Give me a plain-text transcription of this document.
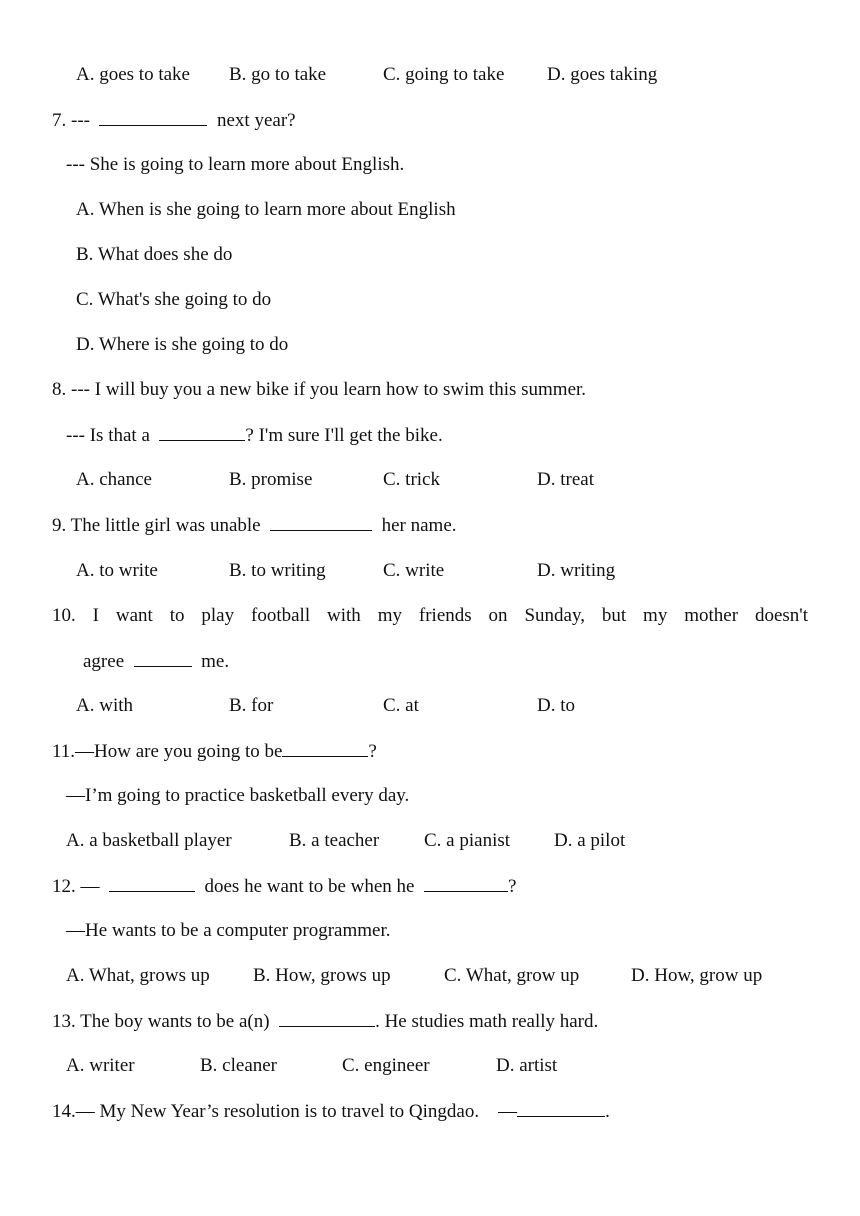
A. goes to take B. go to take	C. going to take D. goes taking
7. ---	next year?
--- She is going to learn more about English.
A. When is she going to learn more about English
B. What does she do
C. What's she going to do
D. Where is she going to do
8. --- I will buy you a new bike if you learn how to swim this summer.
--- Is that a	? I'm sure I'll get the bike.
A. chance	B. promise	C. trick	D. treat
9. The little girl was unable	her name.
A. to write	B. to writing	C. write	D. writing
10. I want to play football with my friends on Sunday, but my mother doesn't
agree	me.
A. with	B. for	C. at	D. to
11.—How are you going to be	?
—I’m going to practice basketball every day.
A. a basketball player	B. a teacher C. a pianist D. a pilot
12. —	does he want to be when he	?
—He wants to be a computer programmer.
A. What, grows up B. How, grows up	C. What, grow up	D. How, grow up
13. The boy wants to be a(n)	. He studies math really hard.
A. writer	B. cleaner	C. engineer	D. artist
14.— My New Year’s resolution is to travel to Qingdao. —	.
